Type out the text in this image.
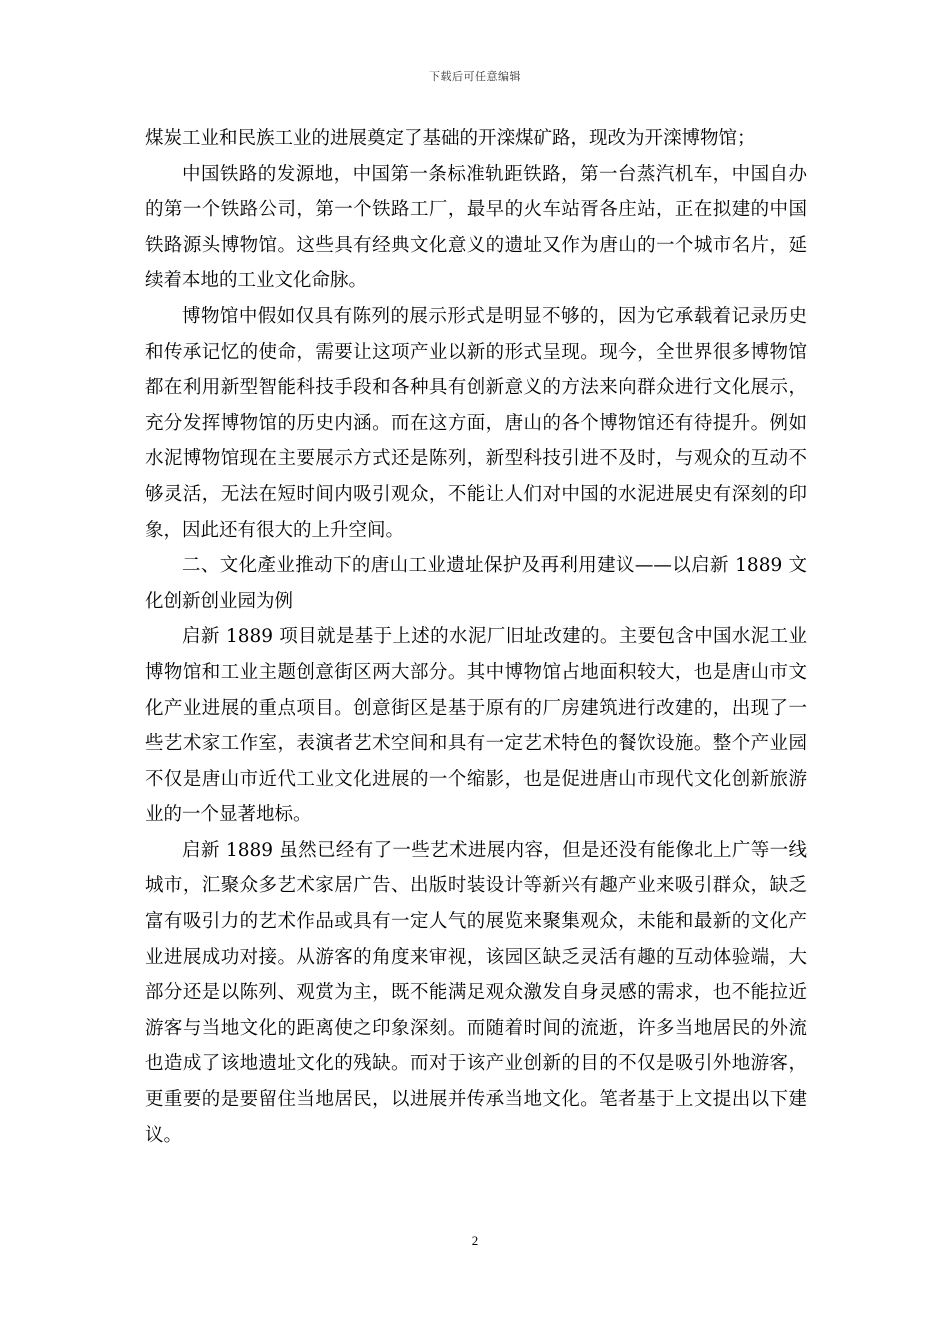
下载后可任意编辑

煤炭工业和民族工业的进展奠定了基础的开滦煤矿路，现改为开滦博物馆；

中国铁路的发源地，中国第一条标准轨距铁路，第一台蒸汽机车，中国自办的第一个铁路公司，第一个铁路工厂，最早的火车站胥各庄站，正在拟建的中国铁路源头博物馆。这些具有经典文化意义的遗址又作为唐山的一个城市名片，延续着本地的工业文化命脉。

博物馆中假如仅具有陈列的展示形式是明显不够的，因为它承载着记录历史和传承记忆的使命，需要让这项产业以新的形式呈现。现今，全世界很多博物馆都在利用新型智能科技手段和各种具有创新意义的方法来向群众进行文化展示，充分发挥博物馆的历史内涵。而在这方面，唐山的各个博物馆还有待提升。例如水泥博物馆现在主要展示方式还是陈列，新型科技引进不及时，与观众的互动不够灵活，无法在短时间内吸引观众，不能让人们对中国的水泥进展史有深刻的印象，因此还有很大的上升空间。

二、文化產业推动下的唐山工业遗址保护及再利用建议——以启新 1889 文化创新创业园为例

启新 1889 项目就是基于上述的水泥厂旧址改建的。主要包含中国水泥工业博物馆和工业主题创意街区两大部分。其中博物馆占地面积较大，也是唐山市文化产业进展的重点项目。创意街区是基于原有的厂房建筑进行改建的，出现了一些艺术家工作室，表演者艺术空间和具有一定艺术特色的餐饮设施。整个产业园不仅是唐山市近代工业文化进展的一个缩影，也是促进唐山市现代文化创新旅游业的一个显著地标。

启新 1889 虽然已经有了一些艺术进展内容，但是还没有能像北上广等一线城市，汇聚众多艺术家居广告、出版时装设计等新兴有趣产业来吸引群众，缺乏富有吸引力的艺术作品或具有一定人气的展览来聚集观众，未能和最新的文化产业进展成功对接。从游客的角度来审视，该园区缺乏灵活有趣的互动体验端，大部分还是以陈列、观赏为主，既不能满足观众激发自身灵感的需求，也不能拉近游客与当地文化的距离使之印象深刻。而随着时间的流逝，许多当地居民的外流也造成了该地遗址文化的残缺。而对于该产业创新的目的不仅是吸引外地游客，更重要的是要留住当地居民，以进展并传承当地文化。笔者基于上文提出以下建议。

2
